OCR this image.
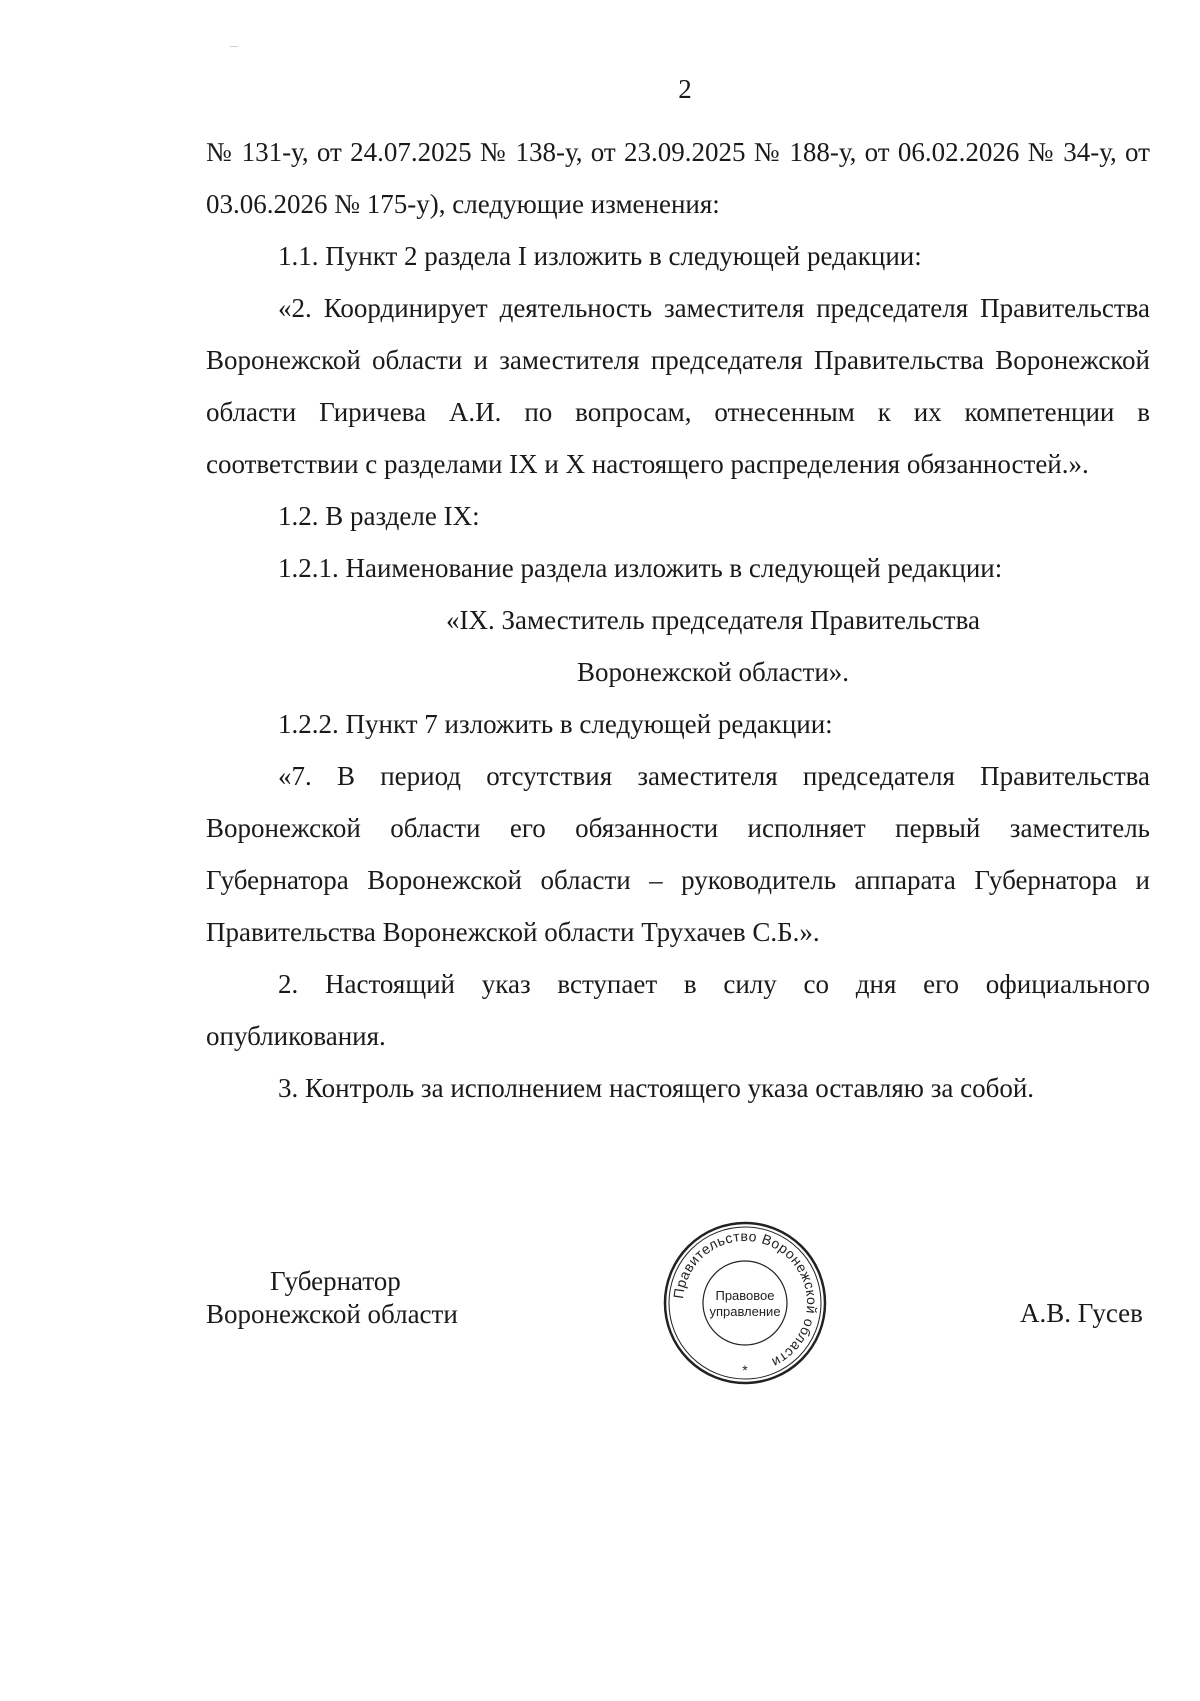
2

№ 131-у, от 24.07.2025 № 138-у, от 23.09.2025 № 188-у, от 06.02.2026 № 34-у, от 03.06.2026 № 175-у), следующие изменения:

1.1. Пункт 2 раздела I изложить в следующей редакции:

«2. Координирует деятельность заместителя председателя Правительства Воронежской области и заместителя председателя Правительства Воронежской области Гиричева А.И. по вопросам, отнесенным к их компетенции в соответствии с разделами IX и X настоящего распределения обязанностей.».

1.2. В разделе IX:

1.2.1. Наименование раздела изложить в следующей редакции:

«IX. Заместитель председателя Правительства

Воронежской области».

1.2.2. Пункт 7 изложить в следующей редакции:

«7. В период отсутствия заместителя председателя Правительства Воронежской области его обязанности исполняет первый заместитель Губернатора Воронежской области – руководитель аппарата Губернатора и Правительства Воронежской области Трухачев С.Б.».

2. Настоящий указ вступает в силу со дня его официального опубликования.

3. Контроль за исполнением настоящего указа оставляю за собой.

Губернатор
Воронежской области
Правительство Воронежской области
Правовое
управление
*
А.В. Гусев
